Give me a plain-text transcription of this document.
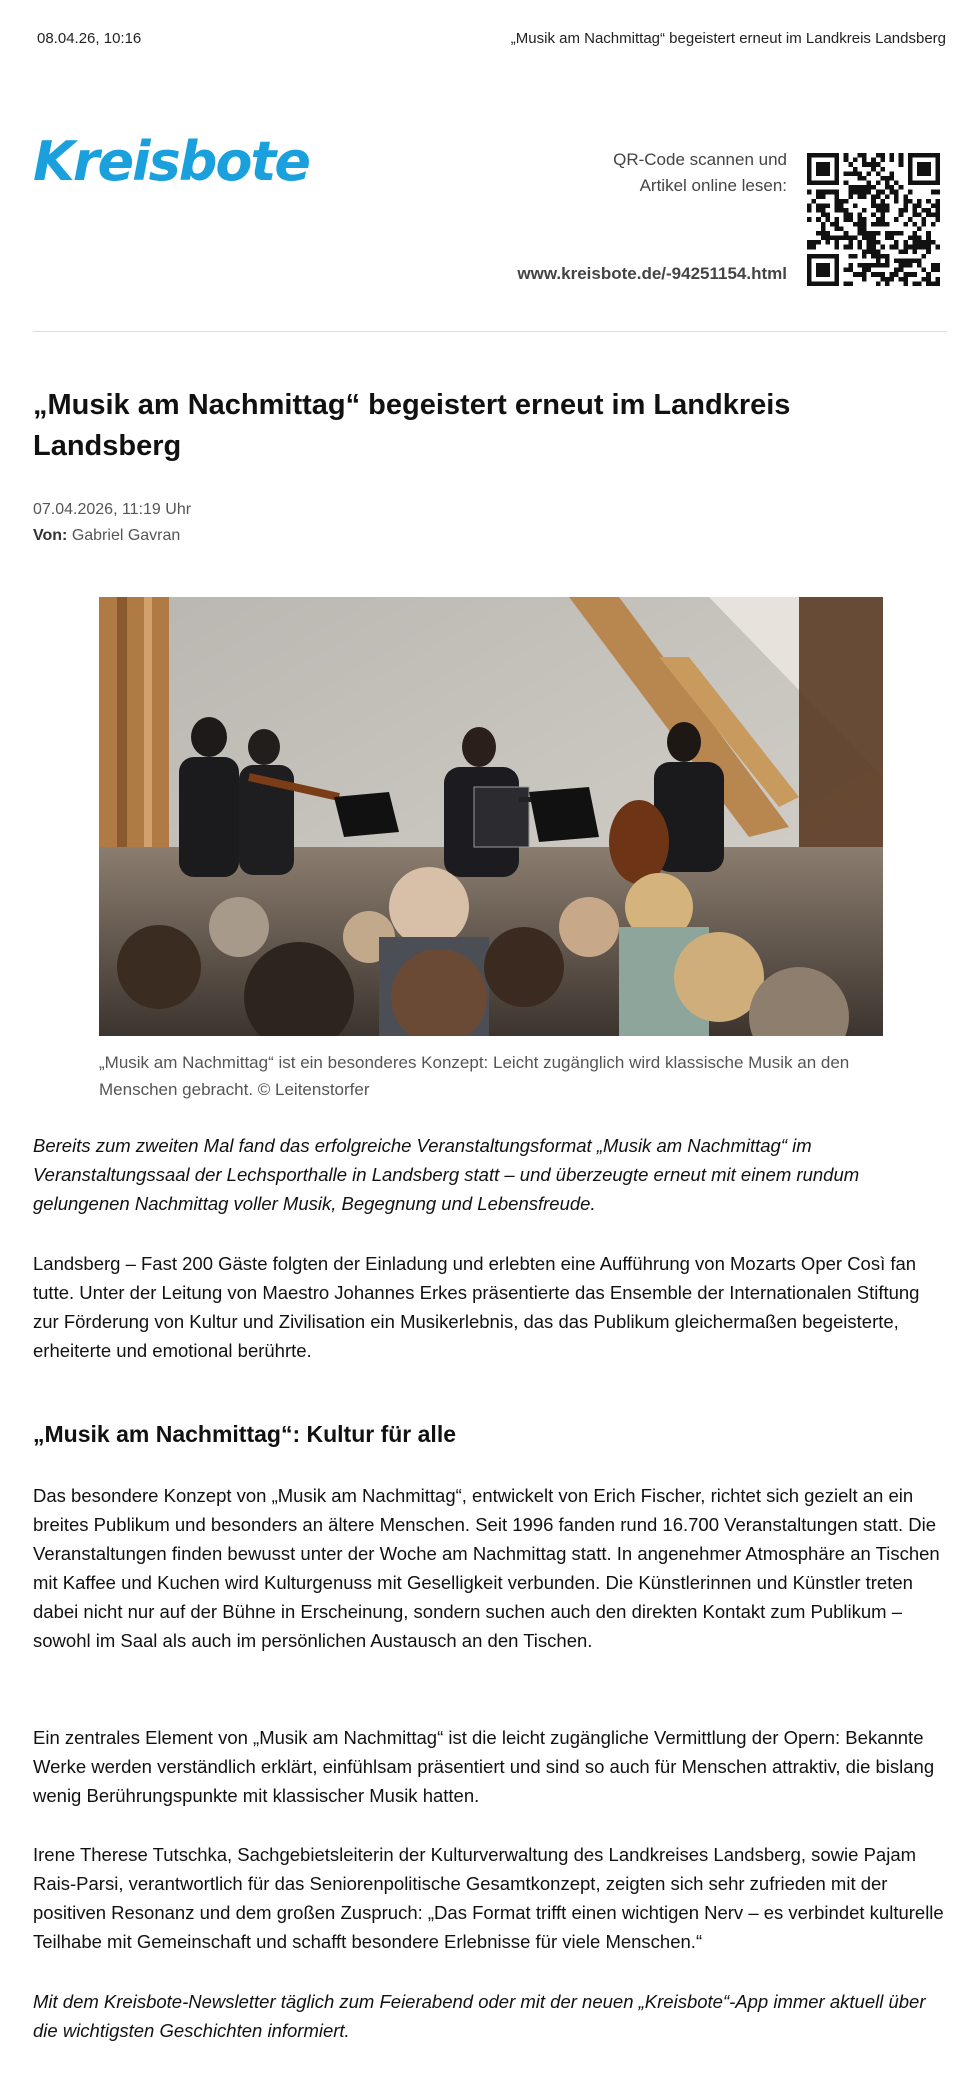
08.04.26, 10:16	„Musik am Nachmittag“ begeistert erneut im Landkreis Landsberg
Kreisbote	QR-Code scannen und
Artikel online lesen:
www.kreisbote.de/-94251154.html
„Musik am Nachmittag“ begeistert erneut im Landkreis Landsberg
07.04.2026, 11:19 Uhr
Von: Gabriel Gavran
„Musik am Nachmittag“ ist ein besonderes Konzept: Leicht zugänglich wird klassische Musik an den Menschen gebracht. © Leitenstorfer

Bereits zum zweiten Mal fand das erfolgreiche Veranstaltungsformat „Musik am Nachmittag“ im Veranstaltungssaal der Lechsporthalle in Landsberg statt – und überzeugte erneut mit einem rundum gelungenen Nachmittag voller Musik, Begegnung und Lebensfreude.

Landsberg – Fast 200 Gäste folgten der Einladung und erlebten eine Aufführung von Mozarts Oper Così fan tutte. Unter der Leitung von Maestro Johannes Erkes präsentierte das Ensemble der Internationalen Stiftung zur Förderung von Kultur und Zivilisation ein Musikerlebnis, das das Publikum gleichermaßen begeisterte, erheiterte und emotional berührte.

„Musik am Nachmittag“: Kultur für alle

Das besondere Konzept von „Musik am Nachmittag“, entwickelt von Erich Fischer, richtet sich gezielt an ein breites Publikum und besonders an ältere Menschen. Seit 1996 fanden rund 16.700 Veranstaltungen statt. Die Veranstaltungen finden bewusst unter der Woche am Nachmittag statt. In angenehmer Atmosphäre an Tischen mit Kaffee und Kuchen wird Kulturgenuss mit Geselligkeit verbunden. Die Künstlerinnen und Künstler treten dabei nicht nur auf der Bühne in Erscheinung, sondern suchen auch den direkten Kontakt zum Publikum – sowohl im Saal als auch im persönlichen Austausch an den Tischen.

Ein zentrales Element von „Musik am Nachmittag“ ist die leicht zugängliche Vermittlung der Opern: Bekannte Werke werden verständlich erklärt, einfühlsam präsentiert und sind so auch für Menschen attraktiv, die bislang wenig Berührungspunkte mit klassischer Musik hatten.

Irene Therese Tutschka, Sachgebietsleiterin der Kulturverwaltung des Landkreises Landsberg, sowie Pajam Rais-Parsi, verantwortlich für das Seniorenpolitische Gesamtkonzept, zeigten sich sehr zufrieden mit der positiven Resonanz und dem großen Zuspruch: „Das Format trifft einen wichtigen Nerv – es verbindet kulturelle Teilhabe mit Gemeinschaft und schafft besondere Erlebnisse für viele Menschen.“

Mit dem Kreisbote-Newsletter täglich zum Feierabend oder mit der neuen „Kreisbote“-App immer aktuell über die wichtigsten Geschichten informiert.
